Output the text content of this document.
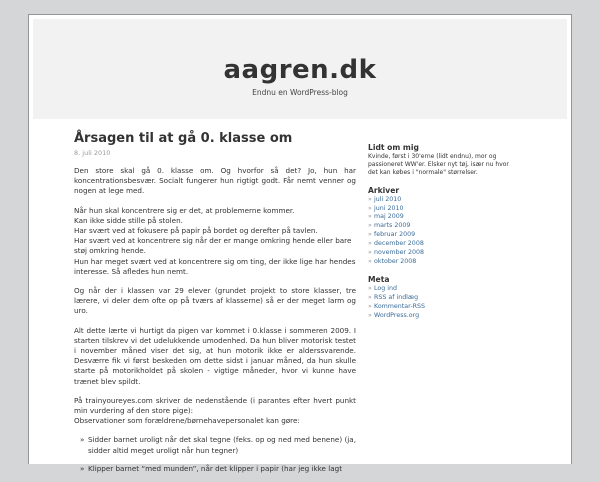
aagren.dk
Endnu en WordPress-blog
Årsagen til at gå 0. klasse om
8. juli 2010

Den store skal gå 0. klasse om. Og hvorfor så det? Jo, hun har koncentrationsbesvær. Socialt fungerer hun rigtigt godt. Får nemt venner og nogen at lege med.

Når hun skal koncentrere sig er det, at problemerne kommer.
Kan ikke sidde stille på stolen.
Har svært ved at fokusere på papir på bordet og derefter på tavlen.
Har svært ved at koncentrere sig når der er mange omkring hende eller bare støj omkring hende.
Hun har meget svært ved at koncentrere sig om ting, der ikke lige har hendes interesse. Så afledes hun nemt.

Og når der i klassen var 29 elever (grundet projekt to store klasser, tre lærere, vi deler dem ofte op på tværs af klasserne) så er der meget larm og uro.

Alt dette lærte vi hurtigt da pigen var kommet i 0.klasse i sommeren 2009. I starten tilskrev vi det udelukkende umodenhed. Da hun bliver motorisk testet i november måned viser det sig, at hun motorik ikke er alderssvarende. Desværre fik vi først beskeden om dette sidst i januar måned, da hun skulle starte på motorikholdet på skolen - vigtige måneder, hvor vi kunne have trænet blev spildt.

På trainyoureyes.com skriver de nedenstående (i parantes efter hvert punkt min vurdering af den store pige):
Observationer som forældrene/børnehavepersonalet kan gøre:

» Sidder barnet uroligt når det skal tegne (feks. op og ned med benene) (ja, sidder altid meget uroligt når hun tegner)
» Klipper barnet “med munden”, når det klipper i papir (har jeg ikke lagt
Lidt om mig
Kvinde, først i 30'erne (lidt endnu), mor og passioneret WW'er. Elsker nyt tøj, især nu hvor det kan købes i "normale" størrelser.
Arkiver
» juli 2010
» juni 2010
» maj 2009
» marts 2009
» februar 2009
» december 2008
» november 2008
» oktober 2008
Meta
» Log ind
» RSS af indlæg
» Kommentar-RSS
» WordPress.org
